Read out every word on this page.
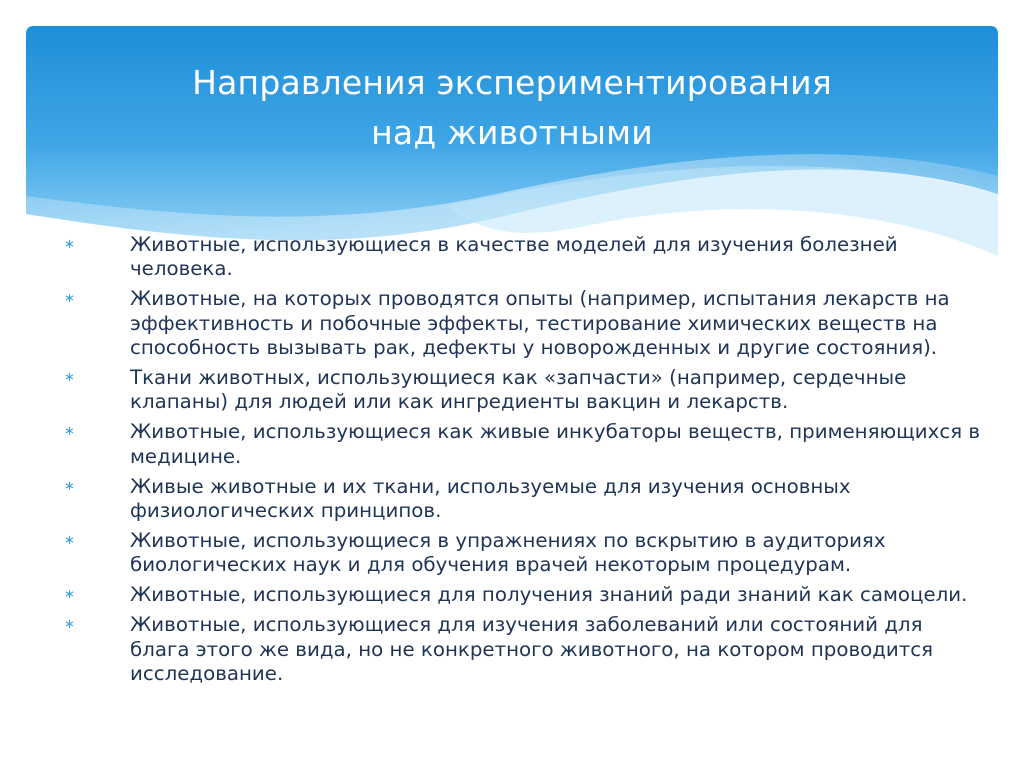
Направления экспериментирования
над животными
∗	Животные, использующиеся в качестве моделей для изучения болезней человека.
∗	Животные, на которых проводятся опыты (например, испытания лекарств на эффективность и побочные эффекты, тестирование химических веществ на способность вызывать рак, дефекты у новорожденных и другие состояния).
∗	Ткани животных, использующиеся как «запчасти» (например, сердечные клапаны) для людей или как ингредиенты вакцин и лекарств.
∗	Животные, использующиеся как живые инкубаторы веществ, применяющихся в медицине.
∗	Живые животные и их ткани, используемые для изучения основных физиологических принципов.
∗	Животные, использующиеся в упражнениях по вскрытию в аудиториях биологических наук и для обучения врачей некоторым процедурам.
∗	Животные, использующиеся для получения знаний ради знаний как самоцели.
∗	Животные, использующиеся для изучения заболеваний или состояний для блага этого же вида, но не конкретного животного, на котором проводится исследование.
